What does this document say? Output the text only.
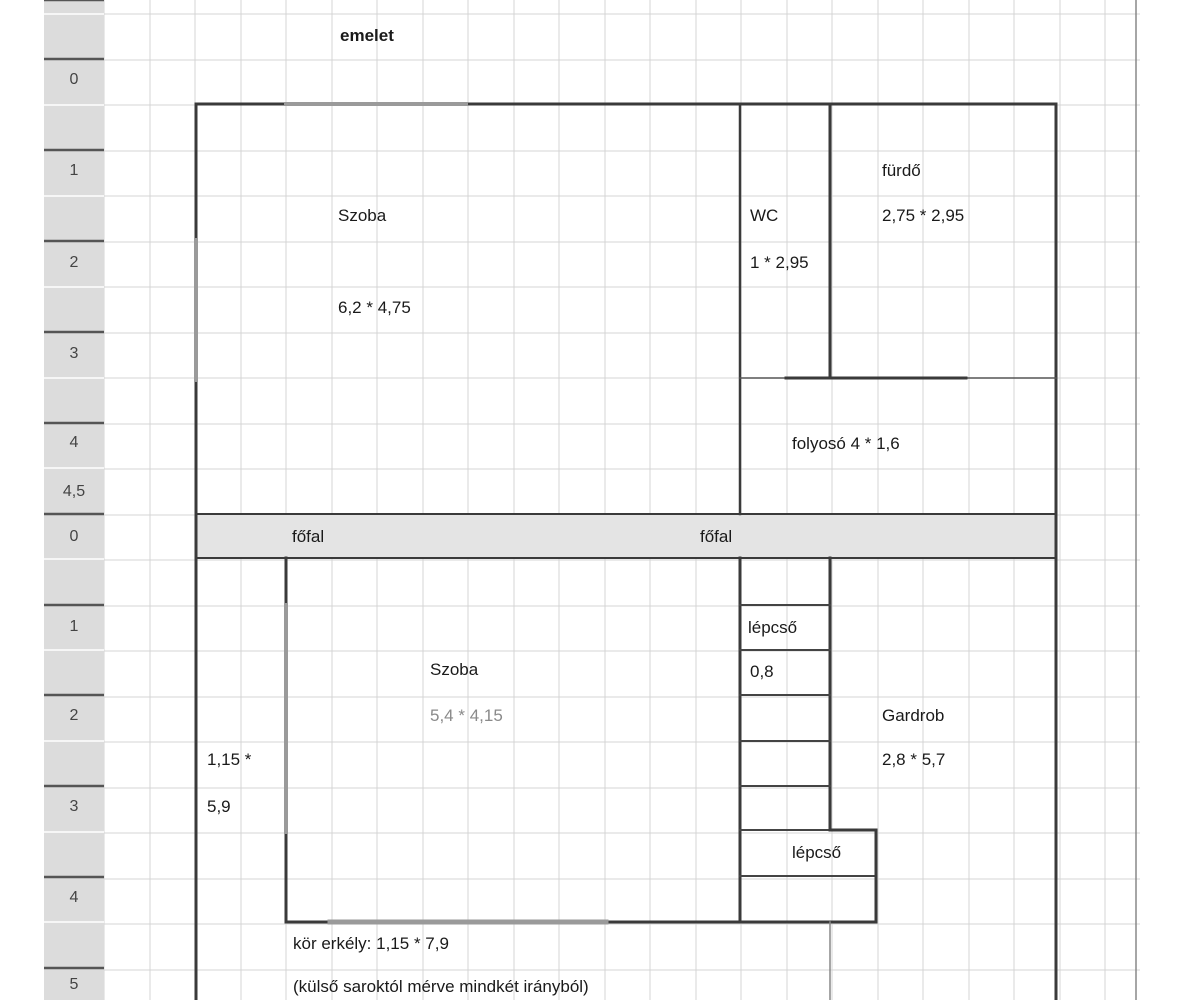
emelet
0
1
2
3
4
4,5
0
1
2
3
4
5
Szoba
6,2 * 4,75
WC
1 * 2,95
fürdő
2,75 * 2,95
folyosó 4 * 1,6
főfal	főfal
Szoba
5,4 * 4,15
1,15 *
5,9
lépcső
0,8
lépcső
Gardrob
2,8 * 5,7
kör erkély: 1,15 * 7,9
(külső saroktól mérve mindkét irányból)
